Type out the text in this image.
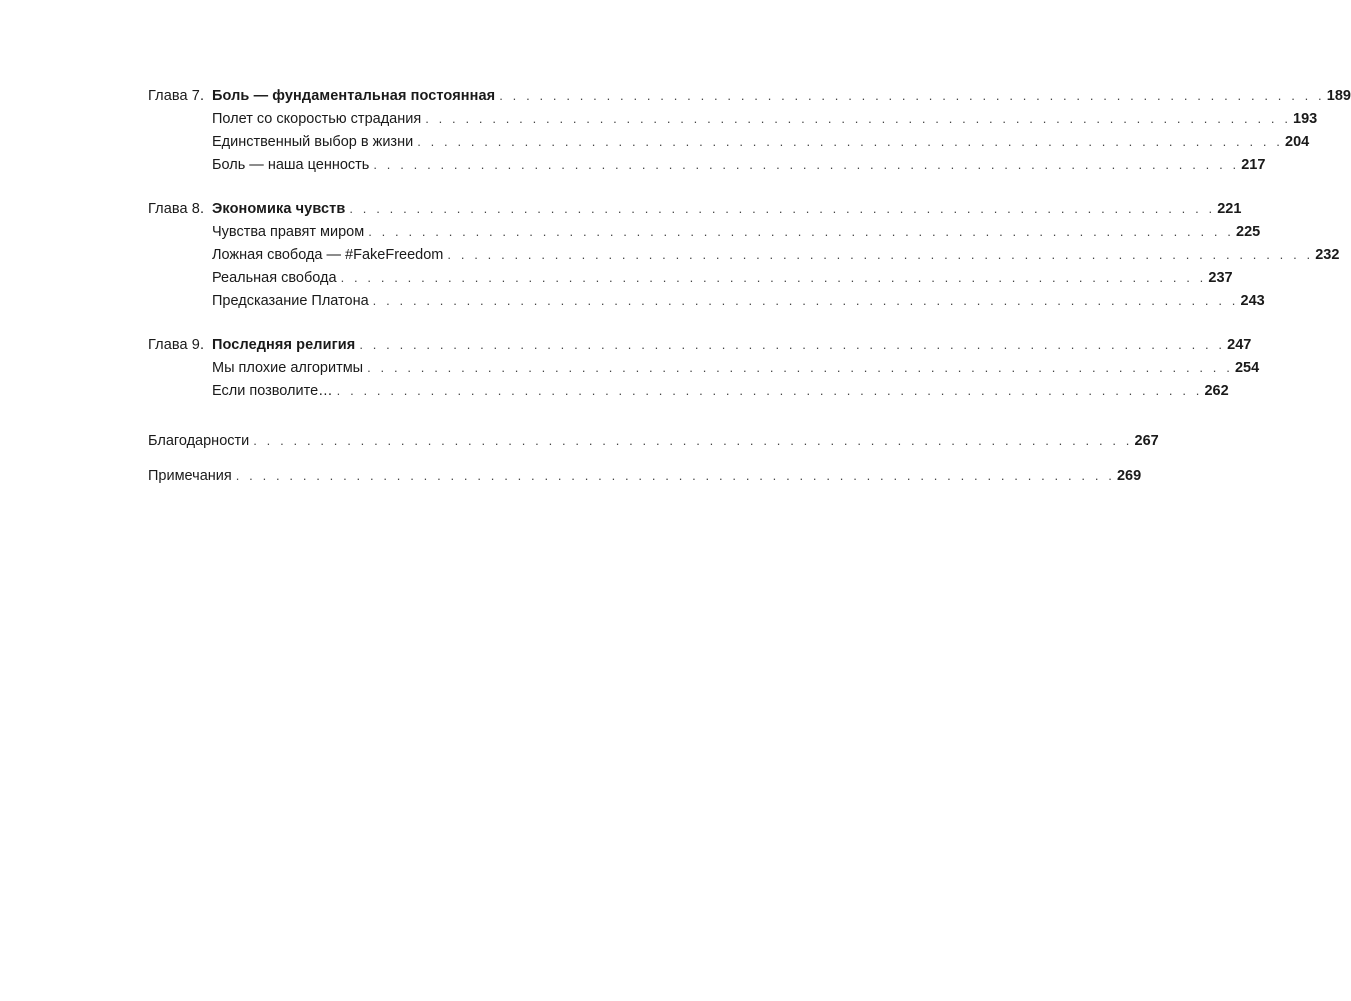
Глава 7. Боль — фундаментальная постоянная . . . . . . . . . . . . . . . . . . . . . . . . . . . . . . . . . . . . . . . . . . . . . . . . . . . . . . . . . . . . . . 189
Полет со скоростью страдания . . . . . . . . . . . . . . . . . . . . . . . . . . . . . . . . . . . . . . . . . . . . . . . . . . . . . . . . . . . . . . . . . 193
Единственный выбор в жизни . . . . . . . . . . . . . . . . . . . . . . . . . . . . . . . . . . . . . . . . . . . . . . . . . . . . . . . . . . . . . . . . . 204
Боль — наша ценность . . . . . . . . . . . . . . . . . . . . . . . . . . . . . . . . . . . . . . . . . . . . . . . . . . . . . . . . . . . . . . . . . 217
Глава 8. Экономика чувств . . . . . . . . . . . . . . . . . . . . . . . . . . . . . . . . . . . . . . . . . . . . . . . . . . . . . . . . . . . . . . . . . 221
Чувства правят миром . . . . . . . . . . . . . . . . . . . . . . . . . . . . . . . . . . . . . . . . . . . . . . . . . . . . . . . . . . . . . . . . . 225
Ложная свобода — #FakeFreedom . . . . . . . . . . . . . . . . . . . . . . . . . . . . . . . . . . . . . . . . . . . . . . . . . . . . . . . . . . . . . . . . . 232
Реальная свобода . . . . . . . . . . . . . . . . . . . . . . . . . . . . . . . . . . . . . . . . . . . . . . . . . . . . . . . . . . . . . . . . . 237
Предсказание Платона . . . . . . . . . . . . . . . . . . . . . . . . . . . . . . . . . . . . . . . . . . . . . . . . . . . . . . . . . . . . . . . . . 243
Глава 9. Последняя религия . . . . . . . . . . . . . . . . . . . . . . . . . . . . . . . . . . . . . . . . . . . . . . . . . . . . . . . . . . . . . . . . . 247
Мы плохие алгоритмы . . . . . . . . . . . . . . . . . . . . . . . . . . . . . . . . . . . . . . . . . . . . . . . . . . . . . . . . . . . . . . . . . 254
Если позволите… . . . . . . . . . . . . . . . . . . . . . . . . . . . . . . . . . . . . . . . . . . . . . . . . . . . . . . . . . . . . . . . . . 262
Благодарности . . . . . . . . . . . . . . . . . . . . . . . . . . . . . . . . . . . . . . . . . . . . . . . . . . . . . . . . . . . . . . . . . . 267
Примечания . . . . . . . . . . . . . . . . . . . . . . . . . . . . . . . . . . . . . . . . . . . . . . . . . . . . . . . . . . . . . . . . . . 269
